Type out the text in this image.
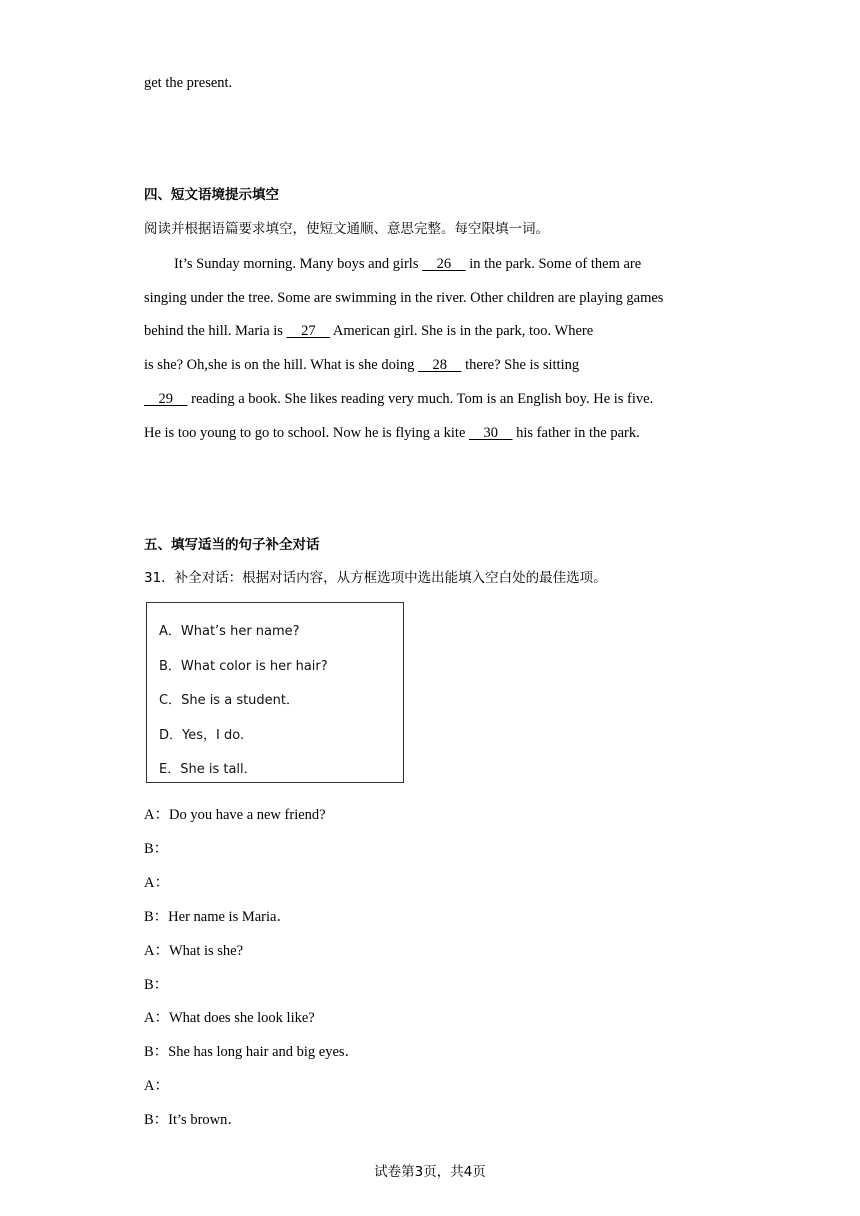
get the present.
四、短文语境提示填空
阅读并根据语篇要求填空，使短文通顺、意思完整。每空限填一词。
It’s Sunday morning. Many boys and girls     26     in the park. Some of them are
singing under the tree. Some are swimming in the river. Other children are playing games
behind the hill. Maria is     27     American girl. She is in the park, too. Where
is she? Oh,she is on the hill. What is she doing     28     there? She is sitting
29     reading a book. She likes reading very much. Tom is an English boy. He is five.
He is too young to go to school. Now he is flying a kite     30     his father in the park.
五、填写适当的句子补全对话
31．补全对话：根据对话内容，从方框选项中选出能填入空白处的最佳选项。
A．What’s her name?
B．What color is her hair?
C．She is a student．
D．Yes，I do.
E．She is tall．
A：Do you have a new friend?
B：
A：
B：Her name is Maria．
A：What is she?
B：
A：What does she look like?
B：She has long hair and big eyes．
A：
B：It’s brown．
试卷第3页，共4页
